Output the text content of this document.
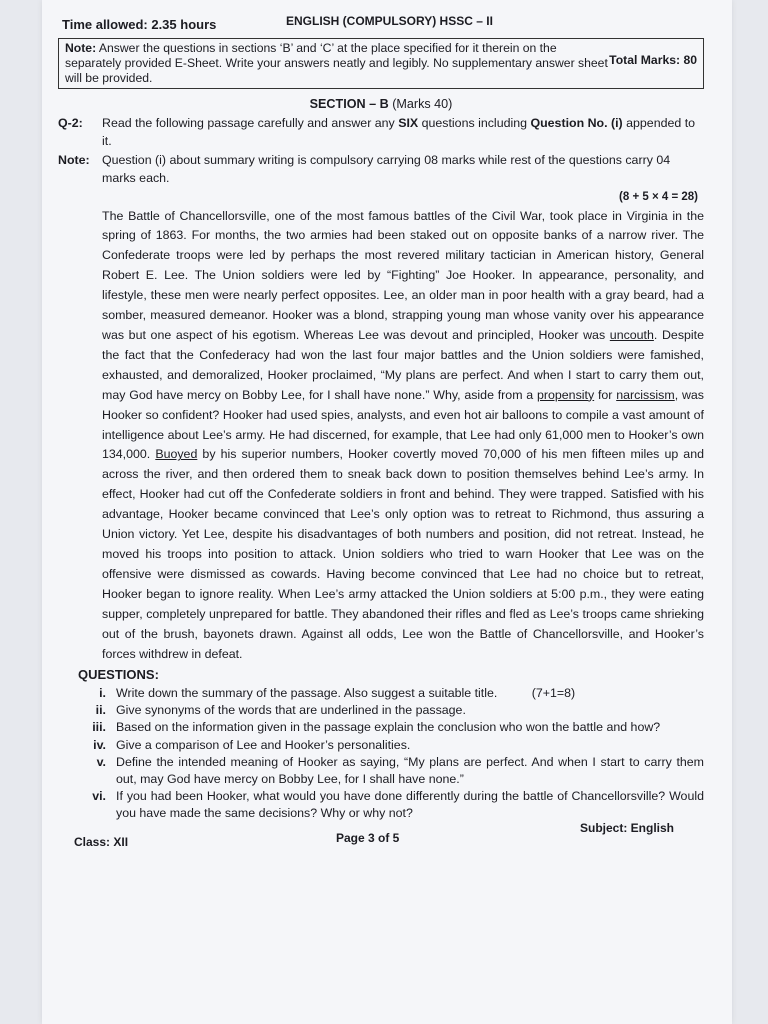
Time allowed: 2.35 hours	ENGLISH (COMPULSORY) HSSC – II
Total Marks: 80
Note: Answer the questions in sections ‘B’ and ‘C’ at the place specified for it therein on the separately provided E-Sheet. Write your answers neatly and legibly. No supplementary answer sheet will be provided.
SECTION – B (Marks 40)
Q-2:	Read the following passage carefully and answer any SIX questions including Question No. (i) appended to it.
Note: Question (i) about summary writing is compulsory carrying 08 marks while rest of the questions carry 04 marks each.
(8 + 5 × 4 = 28)
The Battle of Chancellorsville, one of the most famous battles of the Civil War, took place in Virginia in the spring of 1863. For months, the two armies had been staked out on opposite banks of a narrow river. The Confederate troops were led by perhaps the most revered military tactician in American history, General Robert E. Lee. The Union soldiers were led by “Fighting” Joe Hooker. In appearance, personality, and lifestyle, these men were nearly perfect opposites. Lee, an older man in poor health with a gray beard, had a somber, measured demeanor. Hooker was a blond, strapping young man whose vanity over his appearance was but one aspect of his egotism. Whereas Lee was devout and principled, Hooker was uncouth. Despite the fact that the Confederacy had won the last four major battles and the Union soldiers were famished, exhausted, and demoralized, Hooker proclaimed, “My plans are perfect. And when I start to carry them out, may God have mercy on Bobby Lee, for I shall have none.” Why, aside from a propensity for narcissism, was Hooker so confident? Hooker had used spies, analysts, and even hot air balloons to compile a vast amount of intelligence about Lee’s army. He had discerned, for example, that Lee had only 61,000 men to Hooker’s own 134,000. Buoyed by his superior numbers, Hooker covertly moved 70,000 of his men fifteen miles up and across the river, and then ordered them to sneak back down to position themselves behind Lee’s army. In effect, Hooker had cut off the Confederate soldiers in front and behind. They were trapped. Satisfied with his advantage, Hooker became convinced that Lee’s only option was to retreat to Richmond, thus assuring a Union victory. Yet Lee, despite his disadvantages of both numbers and position, did not retreat. Instead, he moved his troops into position to attack. Union soldiers who tried to warn Hooker that Lee was on the offensive were dismissed as cowards. Having become convinced that Lee had no choice but to retreat, Hooker began to ignore reality. When Lee’s army attacked the Union soldiers at 5:00 p.m., they were eating supper, completely unprepared for battle. They abandoned their rifles and fled as Lee’s troops came shrieking out of the brush, bayonets drawn. Against all odds, Lee won the Battle of Chancellorsville, and Hooker’s forces withdrew in defeat.
QUESTIONS:
i. Write down the summary of the passage. Also suggest a suitable title.	(7+1=8)
ii. Give synonyms of the words that are underlined in the passage.
iii. Based on the information given in the passage explain the conclusion who won the battle and how?
iv. Give a comparison of Lee and Hooker’s personalities.
v. Define the intended meaning of Hooker as saying, “My plans are perfect. And when I start to carry them out, may God have mercy on Bobby Lee, for I shall have none.”
vi. If you had been Hooker, what would you have done differently during the battle of Chancellorsville? Would you have made the same decisions? Why or why not?
Class: XII	Page 3 of 5
Subject: English
